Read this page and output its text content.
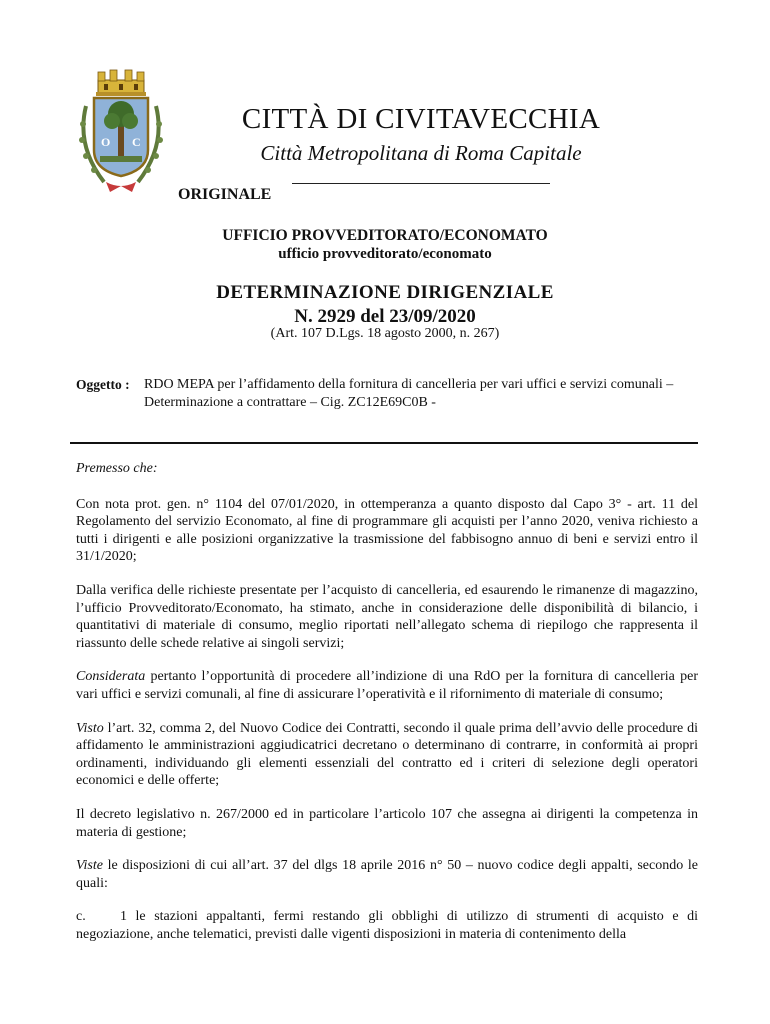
O C
CITTÀ DI CIVITAVECCHIA
Città Metropolitana di Roma Capitale
ORIGINALE
UFFICIO PROVVEDITORATO/ECONOMATO
ufficio provveditorato/economato
DETERMINAZIONE DIRIGENZIALE
N. 2929 del 23/09/2020
(Art. 107 D.Lgs. 18 agosto 2000, n. 267)
Oggetto : RDO MEPA per l’affidamento della fornitura di cancelleria per vari uffici e servizi comunali – Determinazione a contrattare – Cig. ZC12E69C0B -

Premesso che:

Con nota prot. gen. n° 1104 del 07/01/2020, in ottemperanza a quanto disposto dal Capo 3° - art. 11 del Regolamento del servizio Economato, al fine di programmare gli acquisti per l’anno 2020, veniva richiesto a tutti i dirigenti e alle posizioni organizzative la trasmissione del fabbisogno annuo di beni e servizi entro il 31/1/2020;

Dalla verifica delle richieste presentate per l’acquisto di cancelleria, ed esaurendo le rimanenze di magazzino, l’ufficio Provveditorato/Economato, ha stimato, anche in considerazione delle disponibilità di bilancio, i quantitativi di materiale di consumo, meglio riportati nell’allegato schema di riepilogo che rappresenta il riassunto delle schede relative ai singoli servizi;

Considerata pertanto l’opportunità di procedere all’indizione di una RdO per la fornitura di cancelleria per vari uffici e servizi comunali, al fine di assicurare l’operatività e il rifornimento di materiale di consumo;

Visto l’art. 32, comma 2, del Nuovo Codice dei Contratti, secondo il quale prima dell’avvio delle procedure di affidamento le amministrazioni aggiudicatrici decretano o determinano di contrarre, in conformità ai propri ordinamenti, individuando gli elementi essenziali del contratto ed i criteri di selezione degli operatori economici e delle offerte;

Il decreto legislativo n. 267/2000 ed in particolare l’articolo 107 che assegna ai dirigenti la competenza in materia di gestione;

Viste le disposizioni di cui all’art. 37 del dlgs 18 aprile 2016 n° 50 – nuovo codice degli appalti, secondo le quali:

c. 1 le stazioni appaltanti, fermi restando gli obblighi di utilizzo di strumenti di acquisto e di negoziazione, anche telematici, previsti dalle vigenti disposizioni in materia di contenimento della
